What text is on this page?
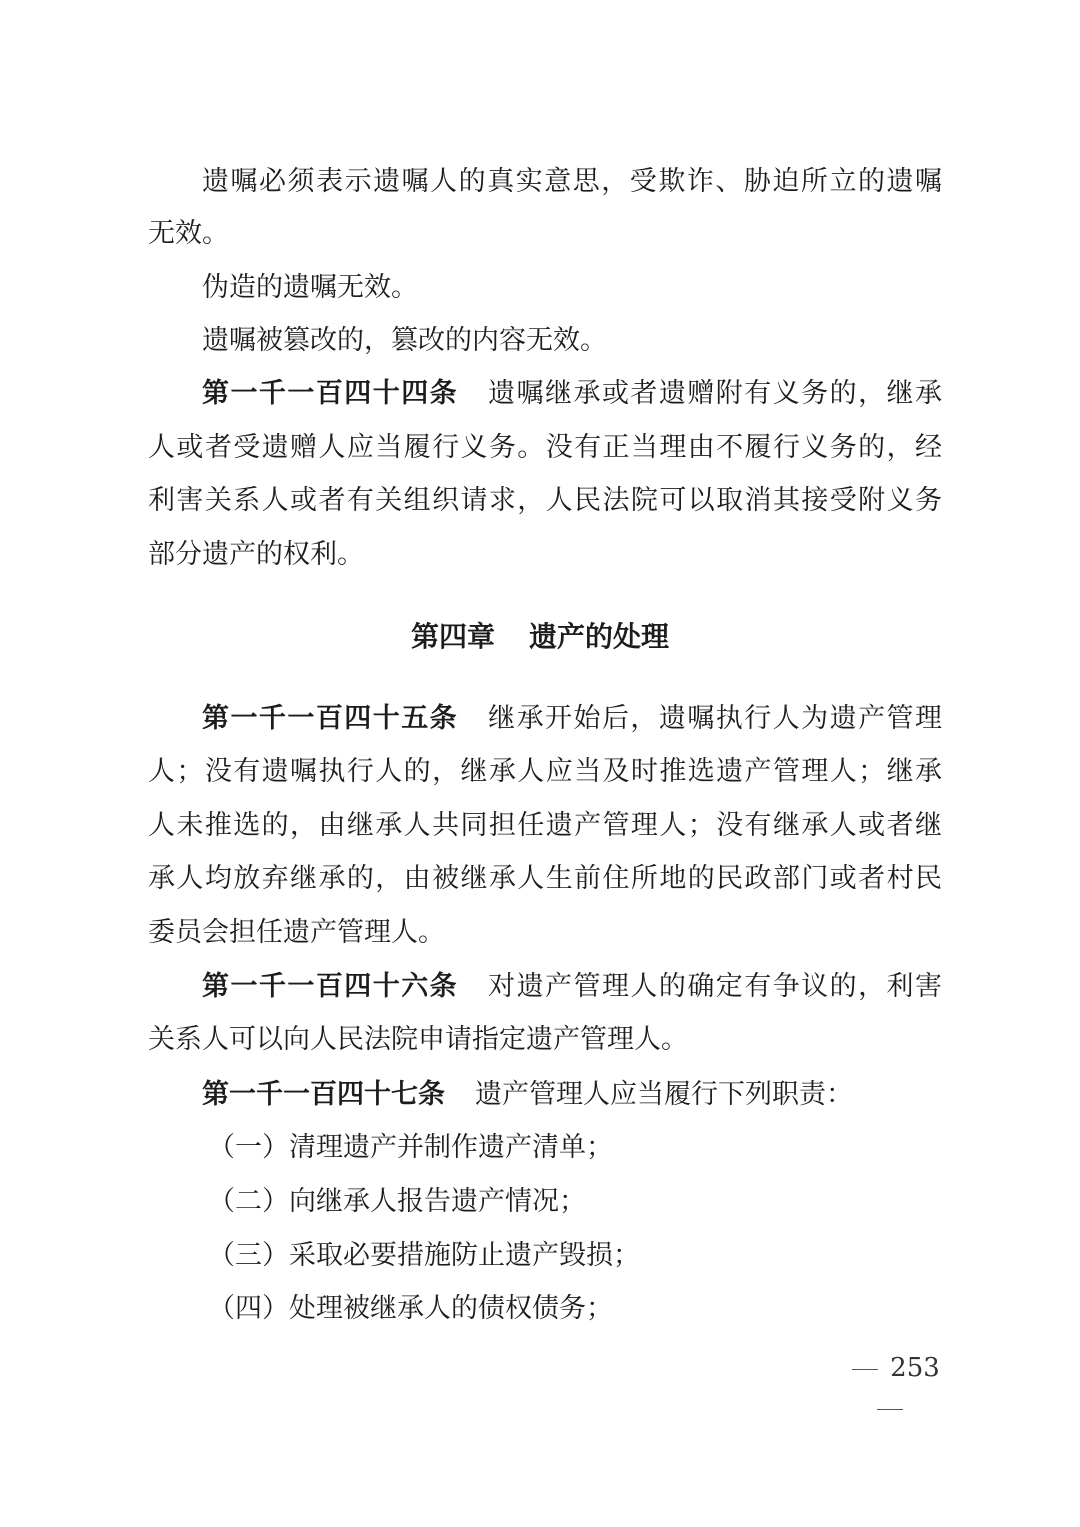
遗嘱必须表示遗嘱人的真实意思，受欺诈、胁迫所立的遗嘱
无效。
伪造的遗嘱无效。
遗嘱被篡改的，篡改的内容无效。
第一千一百四十四条 遗嘱继承或者遗赠附有义务的，继承
人或者受遗赠人应当履行义务。没有正当理由不履行义务的，经
利害关系人或者有关组织请求，人民法院可以取消其接受附义务
部分遗产的权利。
第四章 遗产的处理
第一千一百四十五条 继承开始后，遗嘱执行人为遗产管理
人；没有遗嘱执行人的，继承人应当及时推选遗产管理人；继承
人未推选的，由继承人共同担任遗产管理人；没有继承人或者继
承人均放弃继承的，由被继承人生前住所地的民政部门或者村民
委员会担任遗产管理人。
第一千一百四十六条 对遗产管理人的确定有争议的，利害
关系人可以向人民法院申请指定遗产管理人。
第一千一百四十七条 遗产管理人应当履行下列职责：
（一）清理遗产并制作遗产清单；
（二）向继承人报告遗产情况；
（三）采取必要措施防止遗产毁损；
（四）处理被继承人的债权债务；
253
